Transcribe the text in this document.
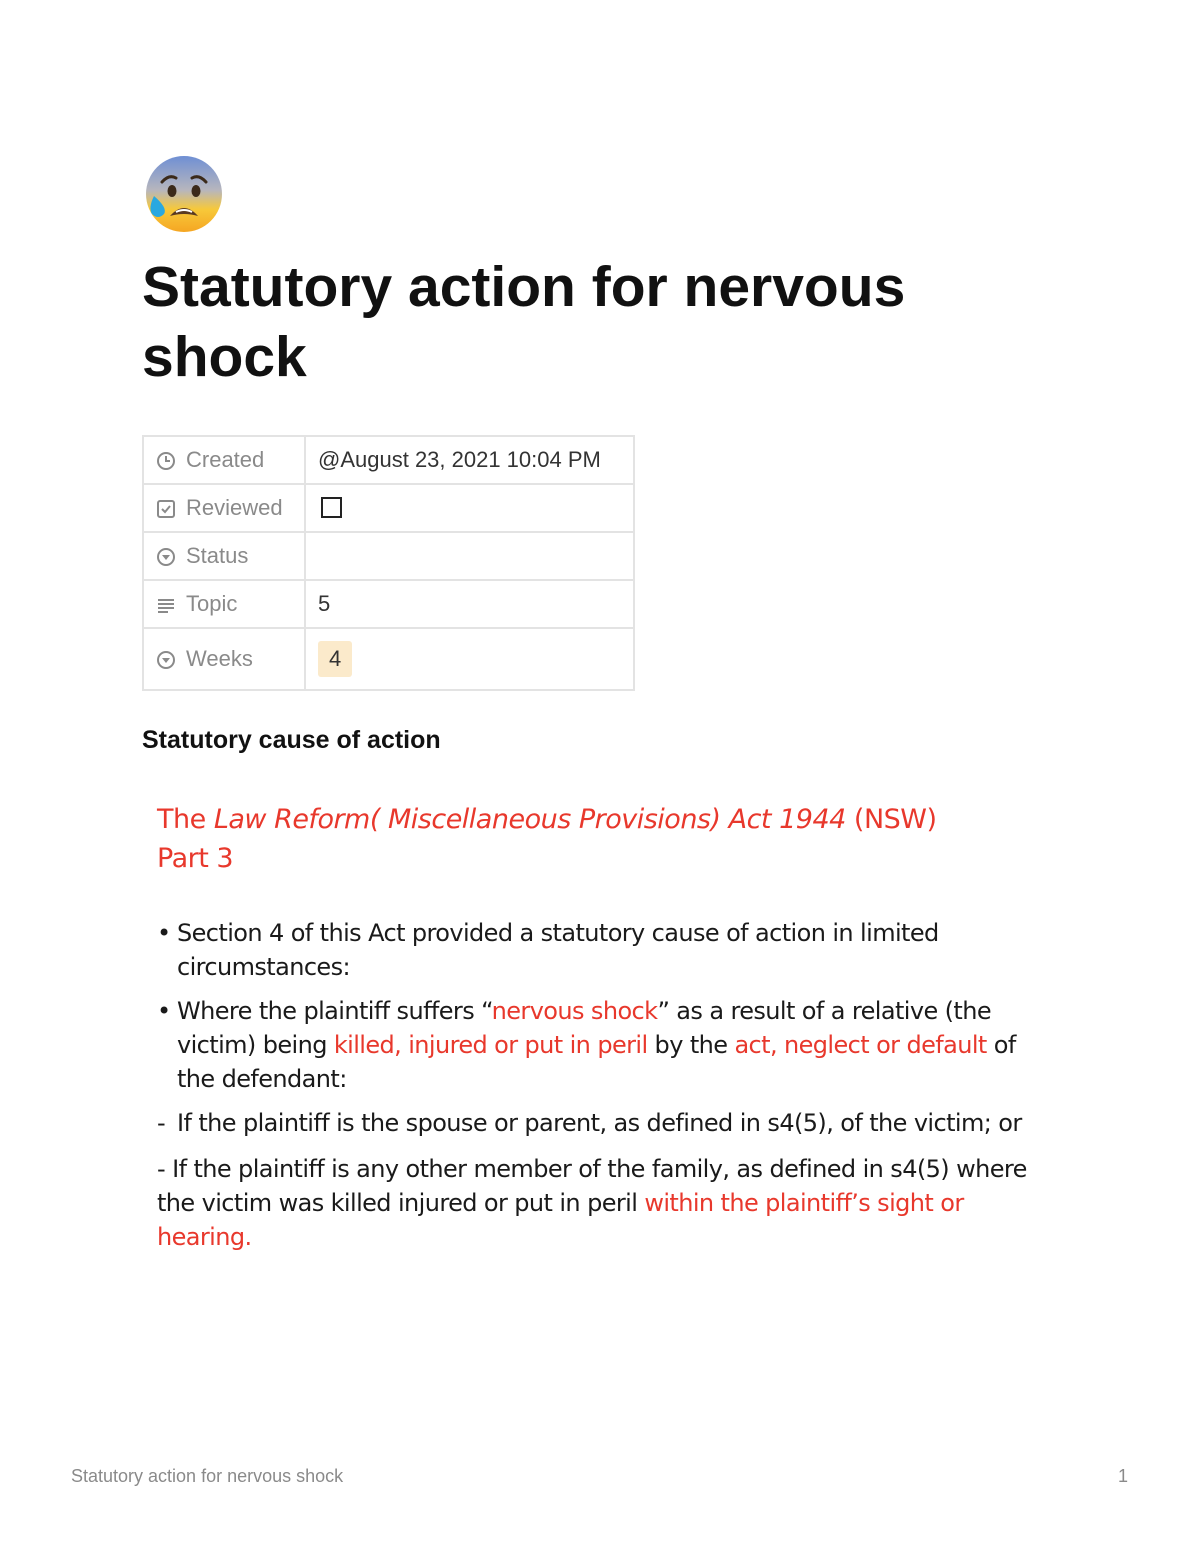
Statutory action for nervous shock
Created	@August 23, 2021 10:04 PM
Reviewed	
Status	
Topic	5
Weeks	4
Statutory cause of action
The Law Reform( Miscellaneous Provisions) Act 1944 (NSW)
Part 3

• Section 4 of this Act provided a statutory cause of action in limited circumstances:

• Where the plaintiff suffers “nervous shock” as a result of a relative (the victim) being killed, injured or put in peril by the act, neglect or default of the defendant:

- If the plaintiff is the spouse or parent, as defined in s4(5), of the victim; or

- If the plaintiff is any other member of the family, as defined in s4(5) where the victim was killed injured or put in peril within the plaintiff’s sight or hearing.

Statutory action for nervous shock	1
